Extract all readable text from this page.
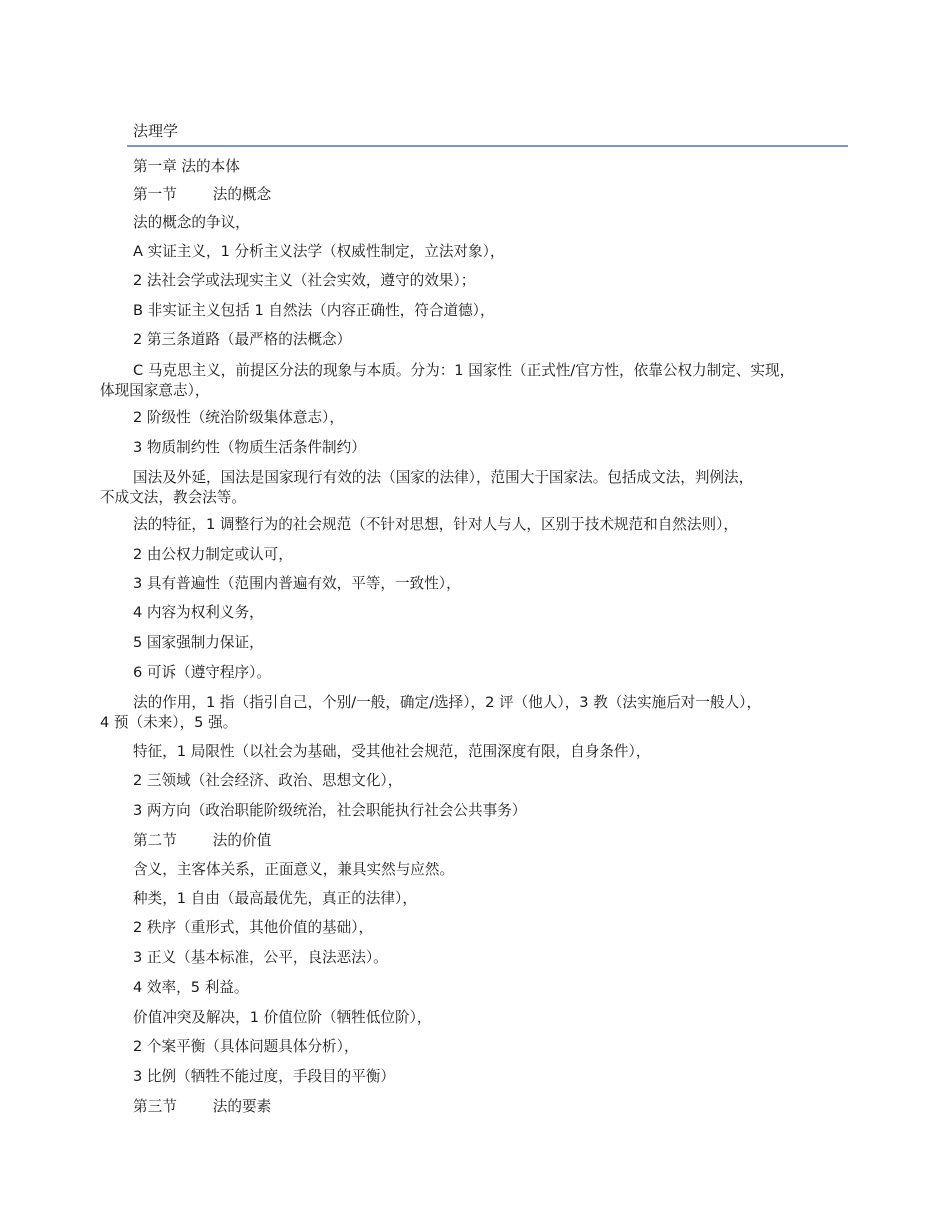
法理学
第一章 法的本体
第一节 法的概念
法的概念的争议，
A 实证主义，1 分析主义法学（权威性制定，立法对象），
2 法社会学或法现实主义（社会实效，遵守的效果）；
B 非实证主义包括 1 自然法（内容正确性，符合道德），
2 第三条道路（最严格的法概念）
C 马克思主义，前提区分法的现象与本质。分为：1 国家性（正式性/官方性，依靠公权力制定、实现，
体现国家意志），
2 阶级性（统治阶级集体意志），
3 物质制约性（物质生活条件制约）
国法及外延，国法是国家现行有效的法（国家的法律），范围大于国家法。包括成文法，判例法，
不成文法，教会法等。
法的特征，1 调整行为的社会规范（不针对思想，针对人与人，区别于技术规范和自然法则），
2 由公权力制定或认可，
3 具有普遍性（范围内普遍有效，平等，一致性），
4 内容为权利义务，
5 国家强制力保证，
6 可诉（遵守程序）。
法的作用，1 指（指引自己，个别/一般，确定/选择），2 评（他人），3 教（法实施后对一般人），
4 预（未来），5 强。
特征，1 局限性（以社会为基础，受其他社会规范，范围深度有限，自身条件），
2 三领域（社会经济、政治、思想文化），
3 两方向（政治职能阶级统治，社会职能执行社会公共事务）
第二节 法的价值
含义，主客体关系，正面意义，兼具实然与应然。
种类，1 自由（最高最优先，真正的法律），
2 秩序（重形式，其他价值的基础），
3 正义（基本标准，公平，良法恶法）。
4 效率，5 利益。
价值冲突及解决，1 价值位阶（牺牲低位阶），
2 个案平衡（具体问题具体分析），
3 比例（牺牲不能过度，手段目的平衡）
第三节 法的要素
